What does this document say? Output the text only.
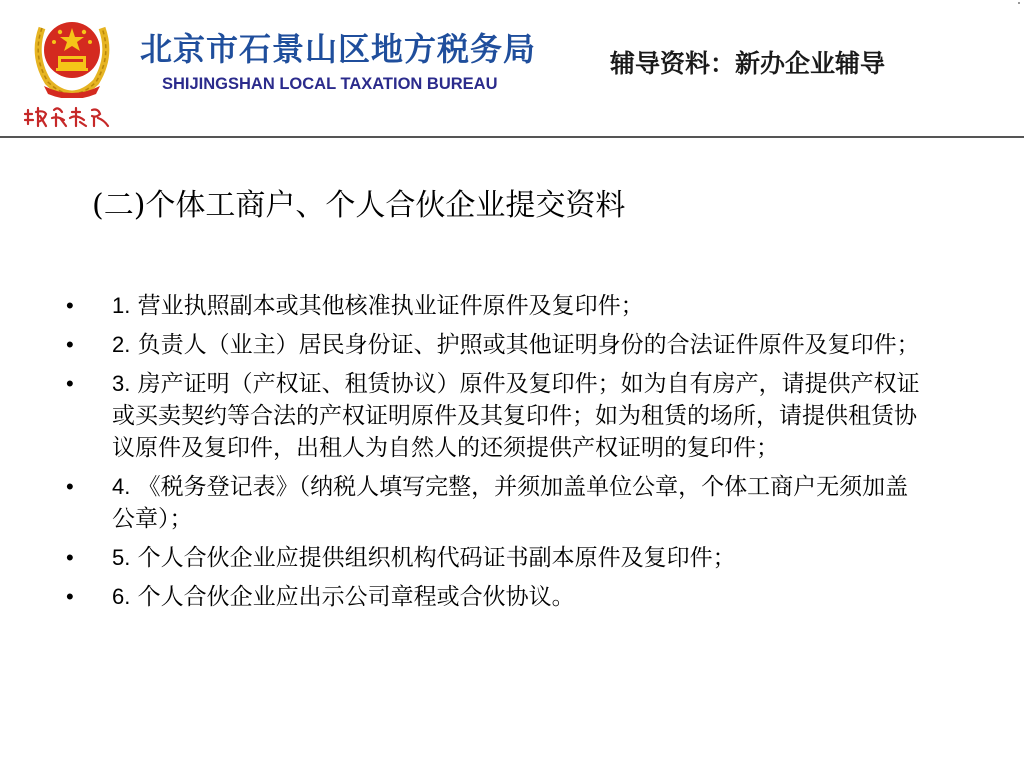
北京市石景山区地方税务局
SHIJINGSHAN LOCAL TAXATION BUREAU
辅导资料：新办企业辅导
(二)个体工商户、个人合伙企业提交资料
• 1. 营业执照副本或其他核准执业证件原件及复印件；
• 2. 负责人（业主）居民身份证、护照或其他证明身份的合法证件原件及复印件；
• 3. 房产证明（产权证、租赁协议）原件及复印件；如为自有房产，请提供产权证或买卖契约等合法的产权证明原件及其复印件；如为租赁的场所，请提供租赁协议原件及复印件，出租人为自然人的还须提供产权证明的复印件；
• 4. 《税务登记表》（纳税人填写完整，并须加盖单位公章，个体工商户无须加盖公章）；
• 5. 个人合伙企业应提供组织机构代码证书副本原件及复印件；
• 6. 个人合伙企业应出示公司章程或合伙协议。
